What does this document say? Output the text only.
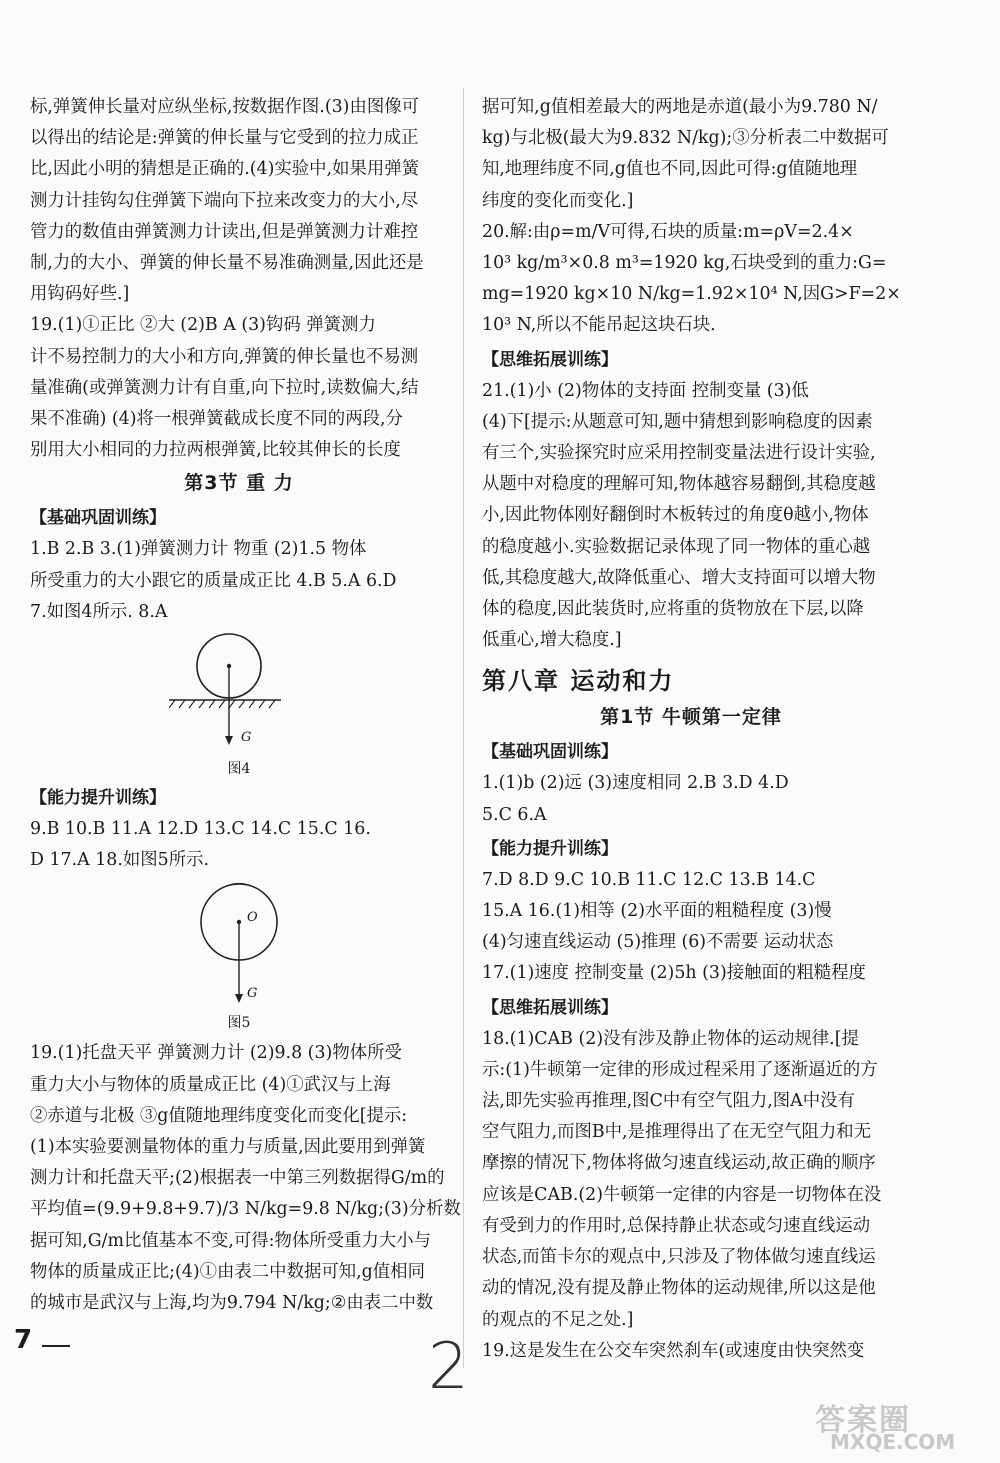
标,弹簧伸长量对应纵坐标,按数据作图.(3)由图像可

以得出的结论是:弹簧的伸长量与它受到的拉力成正

比,因此小明的猜想是正确的.(4)实验中,如果用弹簧

测力计挂钩勾住弹簧下端向下拉来改变力的大小,尽

管力的数值由弹簧测力计读出,但是弹簧测力计难控

制,力的大小、弹簧的伸长量不易准确测量,因此还是

用钩码好些.]

19.(1)①正比 ②大 (2)B A (3)钩码 弹簧测力

计不易控制力的大小和方向,弹簧的伸长量也不易测

量准确(或弹簧测力计有自重,向下拉时,读数偏大,结

果不准确) (4)将一根弹簧截成长度不同的两段,分

别用大小相同的力拉两根弹簧,比较其伸长的长度

第3节 重 力
【基础巩固训练】

1.B 2.B 3.(1)弹簧测力计 物重 (2)1.5 物体

所受重力的大小跟它的质量成正比 4.B 5.A 6.D

7.如图4所示. 8.A

G
图4
【能力提升训练】

9.B 10.B 11.A 12.D 13.C 14.C 15.C 16.

D 17.A 18.如图5所示.

O
G
图5

19.(1)托盘天平 弹簧测力计 (2)9.8 (3)物体所受

重力大小与物体的质量成正比 (4)①武汉与上海

②赤道与北极 ③g值随地理纬度变化而变化[提示:

(1)本实验要测量物体的重力与质量,因此要用到弹簧

测力计和托盘天平;(2)根据表一中第三列数据得G/m的

平均值=(9.9+9.8+9.7)/3 N/kg=9.8 N/kg;(3)分析数

据可知,G/m比值基本不变,可得:物体所受重力大小与

物体的质量成正比;(4)①由表二中数据可知,g值相同

的城市是武汉与上海,均为9.794 N/kg;②由表二中数

据可知,g值相差最大的两地是赤道(最小为9.780 N/

kg)与北极(最大为9.832 N/kg);③分析表二中数据可

知,地理纬度不同,g值也不同,因此可得:g值随地理

纬度的变化而变化.]

20.解:由ρ=m/V可得,石块的质量:m=ρV=2.4×

10³ kg/m³×0.8 m³=1920 kg,石块受到的重力:G=

mg=1920 kg×10 N/kg=1.92×10⁴ N,因G>F=2×

10³ N,所以不能吊起这块石块.

【思维拓展训练】

21.(1)小 (2)物体的支持面 控制变量 (3)低

(4)下[提示:从题意可知,题中猜想到影响稳度的因素

有三个,实验探究时应采用控制变量法进行设计实验,

从题中对稳度的理解可知,物体越容易翻倒,其稳度越

小,因此物体刚好翻倒时木板转过的角度θ越小,物体

的稳度越小.实验数据记录体现了同一物体的重心越

低,其稳度越大,故降低重心、增大支持面可以增大物

体的稳度,因此装货时,应将重的货物放在下层,以降

低重心,增大稳度.]

第八章 运动和力
第1节 牛顿第一定律
【基础巩固训练】

1.(1)b (2)远 (3)速度相同 2.B 3.D 4.D

5.C 6.A

【能力提升训练】

7.D 8.D 9.C 10.B 11.C 12.C 13.B 14.C

15.A 16.(1)相等 (2)水平面的粗糙程度 (3)慢

(4)匀速直线运动 (5)推理 (6)不需要 运动状态

17.(1)速度 控制变量 (2)5h (3)接触面的粗糙程度

【思维拓展训练】

18.(1)CAB (2)没有涉及静止物体的运动规律.[提

示:(1)牛顿第一定律的形成过程采用了逐渐逼近的方

法,即先实验再推理,图C中有空气阻力,图A中没有

空气阻力,而图B中,是推理得出了在无空气阻力和无

摩擦的情况下,物体将做匀速直线运动,故正确的顺序

应该是CAB.(2)牛顿第一定律的内容是一切物体在没

有受到力的作用时,总保持静止状态或匀速直线运动

状态,而笛卡尔的观点中,只涉及了物体做匀速直线运

动的情况,没有提及静止物体的运动规律,所以这是他

的观点的不足之处.]

19.这是发生在公交车突然刹车(或速度由快突然变

7	2
答案圈
MXQE.COM
